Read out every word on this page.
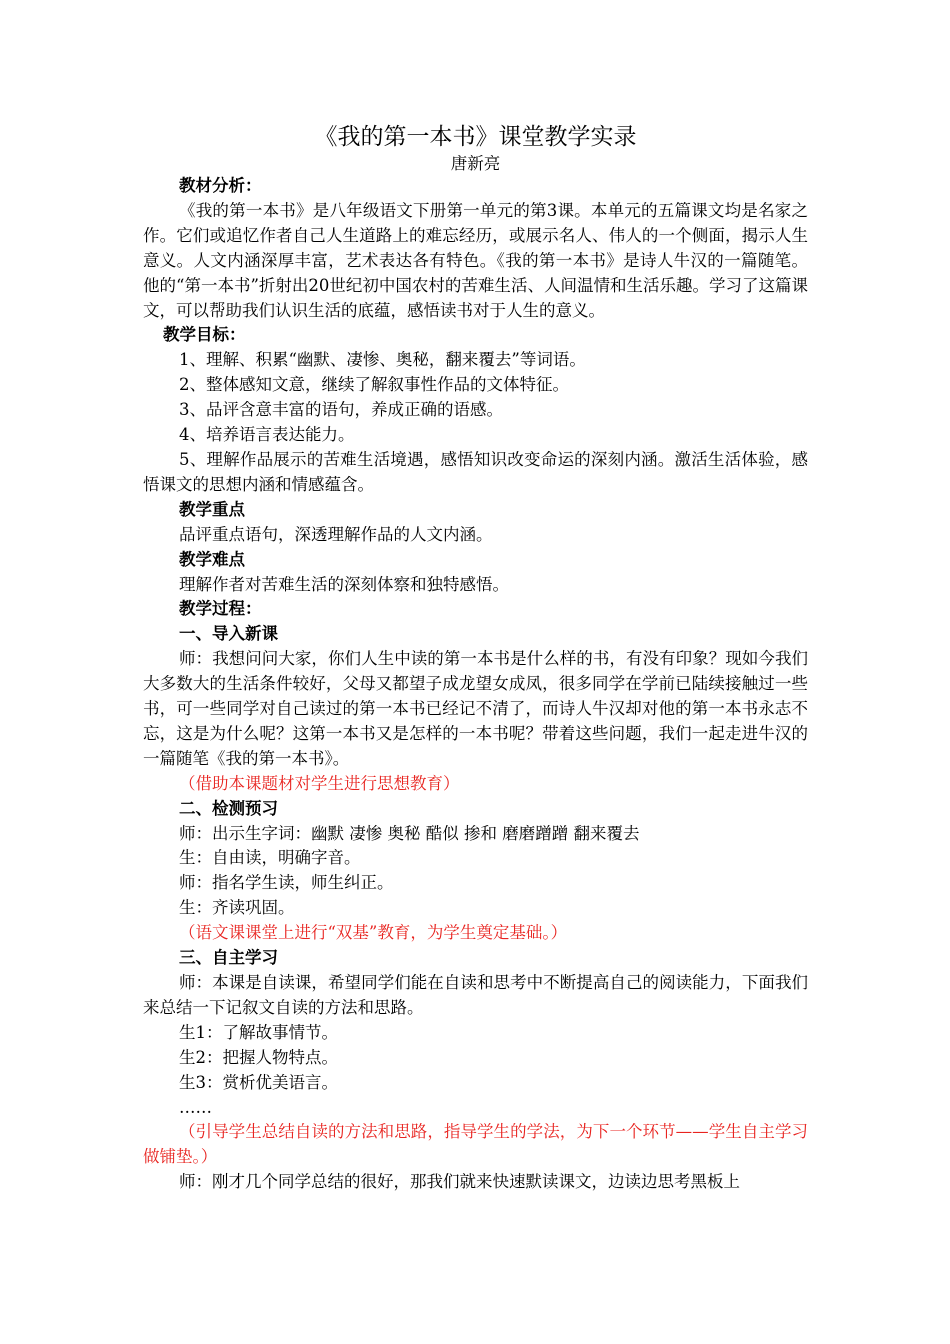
《我的第一本书》课堂教学实录
唐新亮

教材分析：

《我的第一本书》是八年级语文下册第一单元的第3课。本单元的五篇课文均是名家之作。它们或追忆作者自己人生道路上的难忘经历，或展示名人、伟人的一个侧面，揭示人生意义。人文内涵深厚丰富，艺术表达各有特色。《我的第一本书》是诗人牛汉的一篇随笔。他的“第一本书”折射出20世纪初中国农村的苦难生活、人间温情和生活乐趣。学习了这篇课文，可以帮助我们认识生活的底蕴，感悟读书对于人生的意义。

教学目标：

1、理解、积累“幽默、凄惨、奥秘，翻来覆去”等词语。

2、整体感知文意，继续了解叙事性作品的文体特征。

3、品评含意丰富的语句，养成正确的语感。

4、培养语言表达能力。

5、理解作品展示的苦难生活境遇，感悟知识改变命运的深刻内涵。激活生活体验，感悟课文的思想内涵和情感蕴含。

教学重点

品评重点语句，深透理解作品的人文内涵。

教学难点

理解作者对苦难生活的深刻体察和独特感悟。

教学过程：

一、导入新课

师：我想问问大家，你们人生中读的第一本书是什么样的书，有没有印象？现如今我们大多数大的生活条件较好，父母又都望子成龙望女成凤，很多同学在学前已陆续接触过一些书，可一些同学对自己读过的第一本书已经记不清了，而诗人牛汉却对他的第一本书永志不忘，这是为什么呢？这第一本书又是怎样的一本书呢？带着这些问题，我们一起走进牛汉的一篇随笔《我的第一本书》。

（借助本课题材对学生进行思想教育）

二、检测预习

师：出示生字词：幽默 凄惨 奥秘 酷似 掺和 磨磨蹭蹭 翻来覆去

生：自由读，明确字音。

师：指名学生读，师生纠正。

生：齐读巩固。

（语文课课堂上进行“双基”教育，为学生奠定基础。）

三、自主学习

师：本课是自读课，希望同学们能在自读和思考中不断提高自己的阅读能力，下面我们来总结一下记叙文自读的方法和思路。

生1：了解故事情节。

生2：把握人物特点。

生3：赏析优美语言。

……

（引导学生总结自读的方法和思路，指导学生的学法，为下一个环节——学生自主学习做铺垫。）

师：刚才几个同学总结的很好，那我们就来快速默读课文，边读边思考黑板上
